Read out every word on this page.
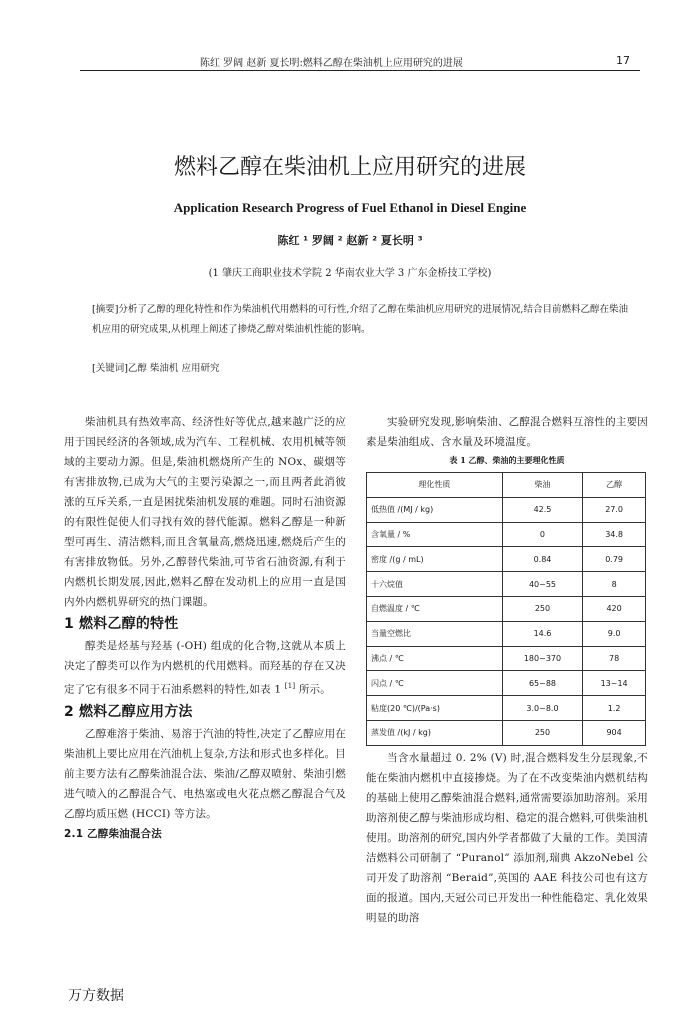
陈红 罗阔 赵新 夏长明:燃料乙醇在柴油机上应用研究的进展	17
燃料乙醇在柴油机上应用研究的进展
Application Research Progress of Fuel Ethanol in Diesel Engine
陈红 ¹ 罗阔 ² 赵新 ² 夏长明 ³
(1 肇庆工商职业技术学院 2 华南农业大学 3 广东金桥技工学校)
[摘要]分析了乙醇的理化特性和作为柴油机代用燃料的可行性,介绍了乙醇在柴油机应用研究的进展情况,结合目前燃料乙醇在柴油机应用的研究成果,从机理上阐述了掺烧乙醇对柴油机性能的影响。
[关键词]乙醇 柴油机 应用研究

柴油机具有热效率高、经济性好等优点,越来越广泛的应用于国民经济的各领域,成为汽车、工程机械、农用机械等领域的主要动力源。但是,柴油机燃烧所产生的 NOx、碳烟等有害排放物,已成为大气的主要污染源之一,而且两者此消彼涨的互斥关系,一直是困扰柴油机发展的难题。同时石油资源的有限性促使人们寻找有效的替代能源。燃料乙醇是一种新型可再生、清洁燃料,而且含氧量高,燃烧迅速,燃烧后产生的有害排放物低。另外,乙醇替代柴油,可节省石油资源,有利于内燃机长期发展,因此,燃料乙醇在发动机上的应用一直是国内外内燃机界研究的热门课题。

1 燃料乙醇的特性

醇类是烃基与羟基 (-OH) 组成的化合物,这就从本质上决定了醇类可以作为内燃机的代用燃料。而羟基的存在又决定了它有很多不同于石油系燃料的特性,如表 1 [1] 所示。

2 燃料乙醇应用方法

乙醇难溶于柴油、易溶于汽油的特性,决定了乙醇应用在柴油机上要比应用在汽油机上复杂,方法和形式也多样化。目前主要方法有乙醇柴油混合法、柴油/乙醇双喷射、柴油引燃进气喷入的乙醇混合气、电热塞或电火花点燃乙醇混合气及乙醇均质压燃 (HCCI) 等方法。

2.1 乙醇柴油混合法

实验研究发现,影响柴油、乙醇混合燃料互溶性的主要因素是柴油组成、含水量及环境温度。

表 1 乙醇、柴油的主要理化性质
理化性质	柴油	乙醇
低热值 /(MJ / kg)	42.5	27.0
含氧量 / %	0	34.8
密度 /(g / mL)	0.84	0.79
十六烷值	40~55	8
自燃温度 / ℃	250	420
当量空燃比	14.6	9.0
沸点 / ℃	180~370	78
闪点 / ℃	65~88	13~14
粘度(20 ℃)/(Pa·s)	3.0~8.0	1.2
蒸发值 /(kJ / kg)	250	904

当含水量超过 0. 2% (V) 时,混合燃料发生分层现象,不能在柴油内燃机中直接掺烧。为了在不改变柴油内燃机结构的基础上使用乙醇柴油混合燃料,通常需要添加助溶剂。采用助溶剂使乙醇与柴油形成均相、稳定的混合燃料,可供柴油机使用。助溶剂的研究,国内外学者都做了大量的工作。美国清洁燃料公司研制了 “Puranol” 添加剂,瑞典 AkzoNebel 公司开发了助溶剂 “Beraid”,英国的 AAE 科技公司也有这方面的报道。国内,天冠公司已开发出一种性能稳定、乳化效果明显的助溶

万方数据
